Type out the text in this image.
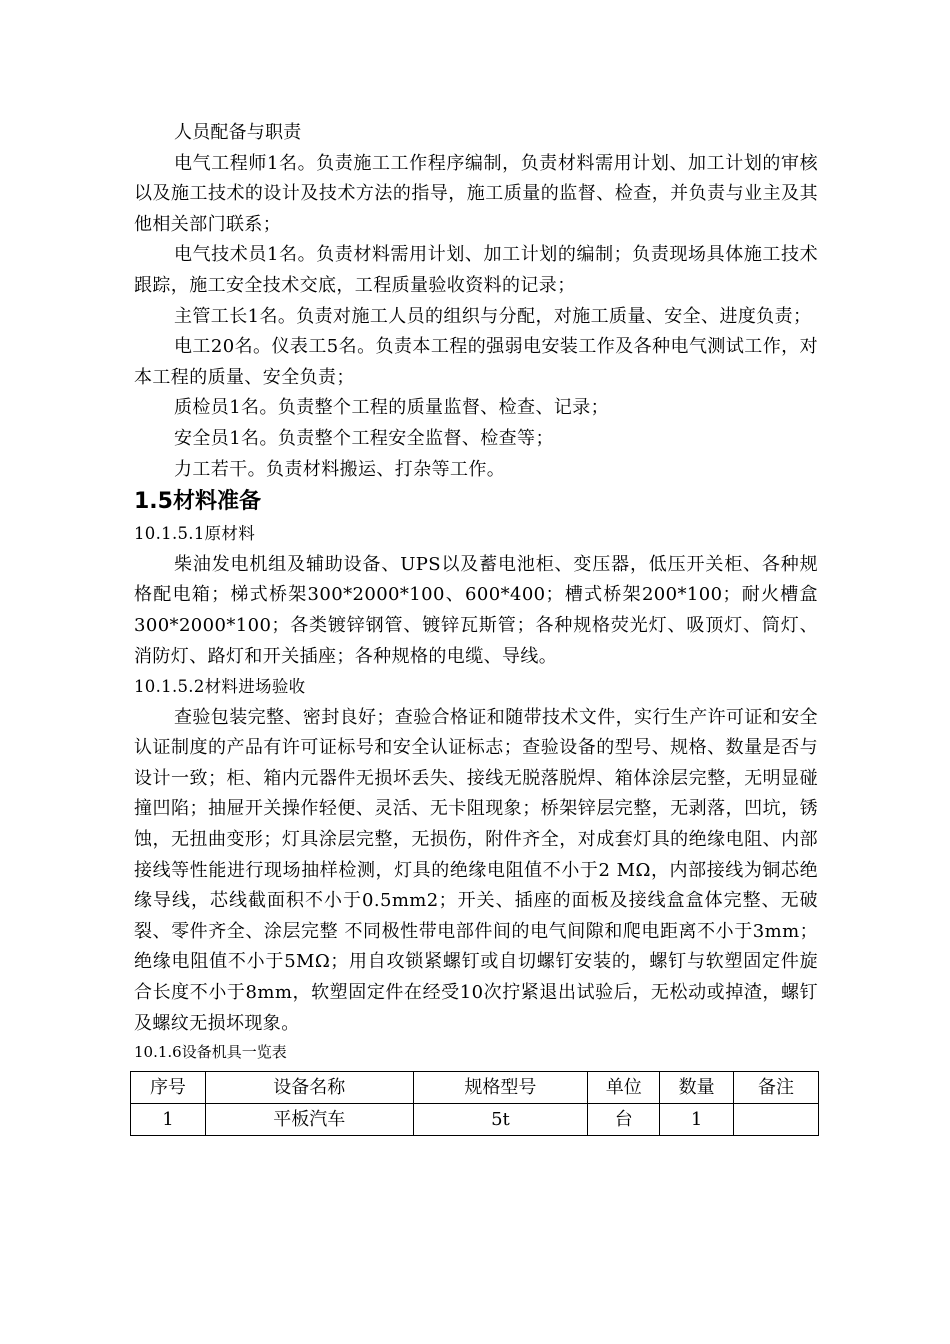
人员配备与职责

电气工程师1名。负责施工工作程序编制，负责材料需用计划、加工计划的审核以及施工技术的设计及技术方法的指导，施工质量的监督、检查，并负责与业主及其他相关部门联系；

电气技术员1名。负责材料需用计划、加工计划的编制；负责现场具体施工技术跟踪，施工安全技术交底，工程质量验收资料的记录；

主管工长1名。负责对施工人员的组织与分配，对施工质量、安全、进度负责；

电工20名。仪表工5名。负责本工程的强弱电安装工作及各种电气测试工作，对本工程的质量、安全负责；

质检员1名。负责整个工程的质量监督、检查、记录；

安全员1名。负责整个工程安全监督、检查等；

力工若干。负责材料搬运、打杂等工作。

1.5材料准备

10.1.5.1原材料

柴油发电机组及辅助设备、UPS以及蓄电池柜、变压器，低压开关柜、各种规格配电箱；梯式桥架300*2000*100、600*400；槽式桥架200*100；耐火槽盒300*2000*100；各类镀锌钢管、镀锌瓦斯管；各种规格荧光灯、吸顶灯、筒灯、消防灯、路灯和开关插座；各种规格的电缆、导线。

10.1.5.2材料进场验收

查验包装完整、密封良好；查验合格证和随带技术文件，实行生产许可证和安全认证制度的产品有许可证标号和安全认证标志；查验设备的型号、规格、数量是否与设计一致；柜、箱内元器件无损坏丢失、接线无脱落脱焊、箱体涂层完整，无明显碰撞凹陷；抽屉开关操作轻便、灵活、无卡阻现象；桥架锌层完整，无剥落，凹坑，锈蚀，无扭曲变形；灯具涂层完整，无损伤，附件齐全，对成套灯具的绝缘电阻、内部接线等性能进行现场抽样检测，灯具的绝缘电阻值不小于2 MΩ，内部接线为铜芯绝缘导线，芯线截面积不小于0.5mm2；开关、插座的面板及接线盒盒体完整、无破裂、零件齐全、涂层完整 不同极性带电部件间的电气间隙和爬电距离不小于3mm；绝缘电阻值不小于5MΩ；用自攻锁紧螺钉或自切螺钉安装的，螺钉与软塑固定件旋合长度不小于8mm，软塑固定件在经受10次拧紧退出试验后，无松动或掉渣，螺钉及螺纹无损坏现象。

10.1.6设备机具一览表

序号	设备名称	规格型号	单位	数量	备注
1	平板汽车	5t	台	1	
